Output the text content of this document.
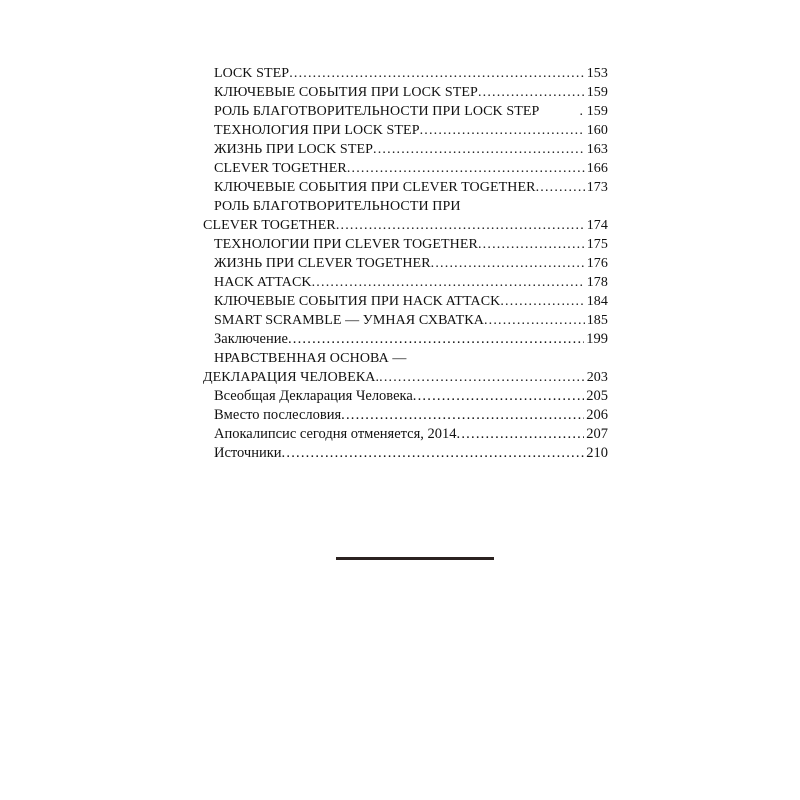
LOCK STEP .....	153
КЛЮЧЕВЫЕ СОБЫТИЯ ПРИ LOCK STEP .....	159
РОЛЬ БЛАГОТВОРИТЕЛЬНОСТИ ПРИ LOCK STEP	. 159
ТЕХНОЛОГИЯ ПРИ LOCK STEP .....	160
ЖИЗНЬ ПРИ LOCK STEP .....	163
CLEVER TOGETHER .....	166
КЛЮЧЕВЫЕ СОБЫТИЯ ПРИ CLEVER TOGETHER .....	173
РОЛЬ БЛАГОТВОРИТЕЛЬНОСТИ ПРИ
CLEVER TOGETHER .....	174
ТЕХНОЛОГИИ ПРИ CLEVER TOGETHER .....	175
ЖИЗНЬ ПРИ CLEVER TOGETHER .....	176
HACK ATTACK .....	178
КЛЮЧЕВЫЕ СОБЫТИЯ ПРИ HACK ATTACK .....	184
SMART SCRAMBLE — УМНАЯ СХВАТКА .....	185
Заключение .....	199
НРАВСТВЕННАЯ ОСНОВА —
ДЕКЛАРАЦИЯ ЧЕЛОВЕКА. .....	203
Всеобщая Декларация Человека .....	205
Вместо послесловия .....	206
Апокалипсис сегодня отменяется, 2014 .....	207
Источники .....	210
